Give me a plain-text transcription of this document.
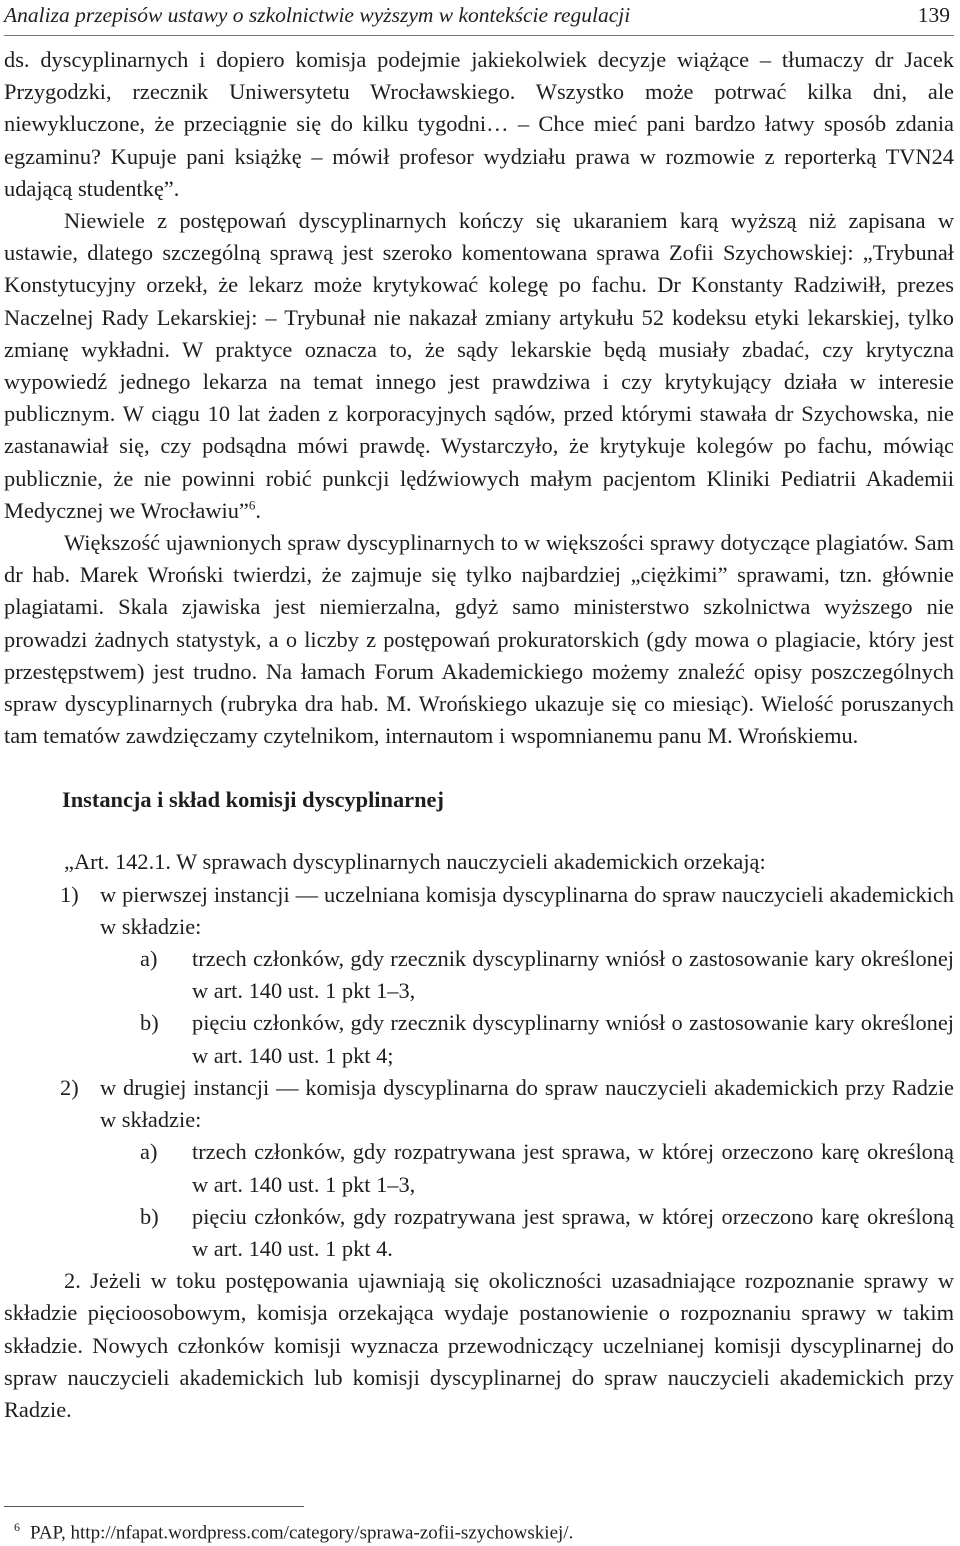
Analiza przepisów ustawy o szkolnictwie wyższym w kontekście regulacji	139

ds. dyscyplinarnych i dopiero komisja podejmie jakiekolwiek decyzje wiążące – tłumaczy dr Jacek Przygodzki, rzecznik Uniwersytetu Wrocławskiego. Wszystko może potrwać kilka dni, ale niewykluczone, że przeciągnie się do kilku tygodni… – Chce mieć pani bardzo łatwy sposób zdania egzaminu? Kupuje pani książkę – mówił profesor wydziału prawa w rozmowie z reporterką TVN24 udającą studentkę”.

Niewiele z postępowań dyscyplinarnych kończy się ukaraniem karą wyższą niż zapisana w ustawie, dlatego szczególną sprawą jest szeroko komentowana sprawa Zofii Szychowskiej: „Trybunał Konstytucyjny orzekł, że lekarz może krytykować kolegę po fachu. Dr Konstanty Radziwiłł, prezes Naczelnej Rady Lekarskiej: – Trybunał nie nakazał zmiany artykułu 52 kodeksu etyki lekarskiej, tylko zmianę wykładni. W praktyce oznacza to, że sądy lekarskie będą musiały zbadać, czy krytyczna wypowiedź jednego lekarza na temat innego jest prawdziwa i czy krytykujący działa w interesie publicznym. W ciągu 10 lat żaden z korporacyjnych sądów, przed którymi stawała dr Szychowska, nie zastanawiał się, czy podsądna mówi prawdę. Wystarczyło, że krytykuje kolegów po fachu, mówiąc publicznie, że nie powinni robić punkcji lędźwiowych małym pacjentom Kliniki Pediatrii Akademii Medycznej we Wrocławiu”$^6$.

Większość ujawnionych spraw dyscyplinarnych to w większości sprawy dotyczące plagiatów. Sam dr hab. Marek Wroński twierdzi, że zajmuje się tylko najbardziej „ciężkimi” sprawami, tzn. głównie plagiatami. Skala zjawiska jest niemierzalna, gdyż samo ministerstwo szkolnictwa wyższego nie prowadzi żadnych statystyk, a o liczby z postępowań prokuratorskich (gdy mowa o plagiacie, który jest przestępstwem) jest trudno. Na łamach Forum Akademickiego możemy znaleźć opisy poszczególnych spraw dyscyplinarnych (rubryka dra hab. M. Wrońskiego ukazuje się co miesiąc). Wielość poruszanych tam tematów zawdzięczamy czytelnikom, internautom i wspomnianemu panu M. Wrońskiemu.

Instancja i skład komisji dyscyplinarnej
„Art. 142.1. W sprawach dyscyplinarnych nauczycieli akademickich orzekają:
1) w pierwszej instancji — uczelniana komisja dyscyplinarna do spraw nauczycieli akademickich w składzie:
a) trzech członków, gdy rzecznik dyscyplinarny wniósł o zastosowanie kary określonej w art. 140 ust. 1 pkt 1–3,
b) pięciu członków, gdy rzecznik dyscyplinarny wniósł o zastosowanie kary określonej w art. 140 ust. 1 pkt 4;
2) w drugiej instancji — komisja dyscyplinarna do spraw nauczycieli akademickich przy Radzie w składzie:
a) trzech członków, gdy rozpatrywana jest sprawa, w której orzeczono karę określoną w art. 140 ust. 1 pkt 1–3,
b) pięciu członków, gdy rozpatrywana jest sprawa, w której orzeczono karę określoną w art. 140 ust. 1 pkt 4.

2. Jeżeli w toku postępowania ujawniają się okoliczności uzasadniające rozpoznanie sprawy w składzie pięcioosobowym, komisja orzekająca wydaje postanowienie o rozpoznaniu sprawy w takim składzie. Nowych członków komisji wyznacza przewodniczący uczelnianej komisji dyscyplinarnej do spraw nauczycieli akademickich lub komisji dyscyplinarnej do spraw nauczycieli akademickich przy Radzie.

$^6$ PAP, http://nfapat.wordpress.com/category/sprawa-zofii-szychowskiej/.
